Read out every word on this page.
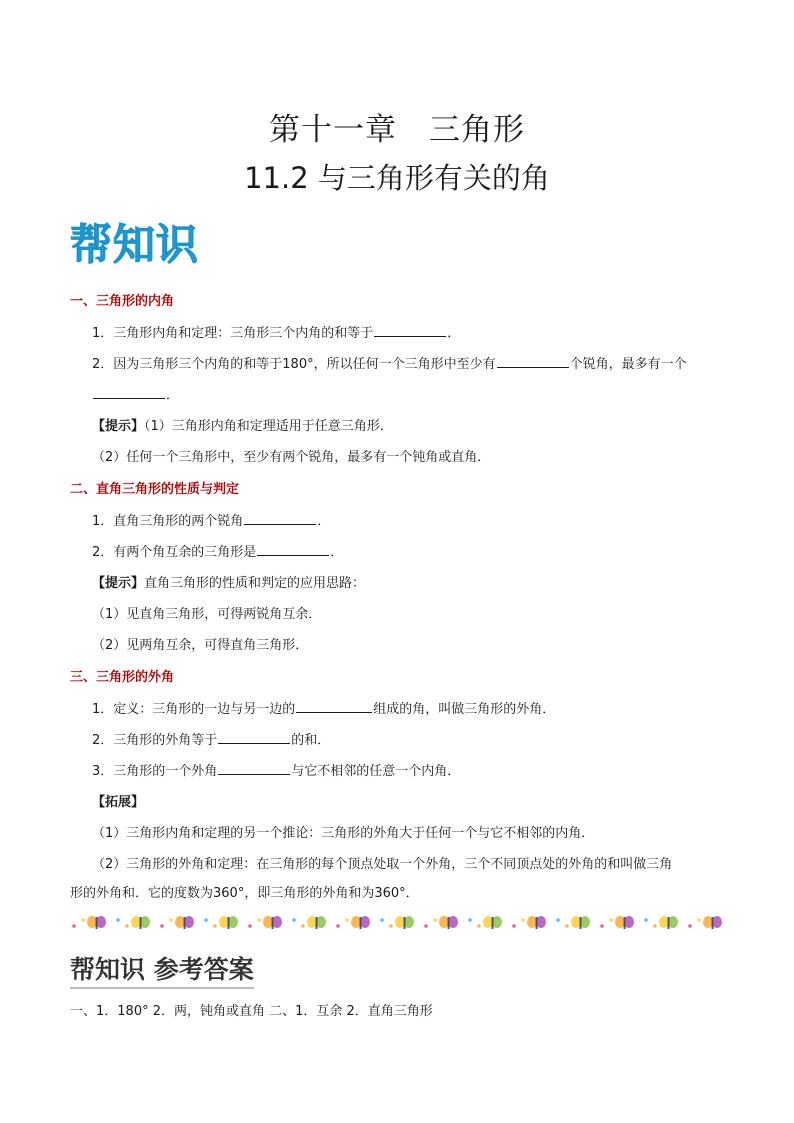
第十一章　三角形
11.2 与三角形有关的角
帮知识
一、三角形的内角
1．三角形内角和定理：三角形三个内角的和等于	．
2．因为三角形三个内角的和等于180°，所以任何一个三角形中至少有	个锐角，最多有一个
．
【提示】（1）三角形内角和定理适用于任意三角形．
（2）任何一个三角形中，至少有两个锐角，最多有一个钝角或直角．
二、直角三角形的性质与判定
1．直角三角形的两个锐角	．
2．有两个角互余的三角形是	．
【提示】直角三角形的性质和判定的应用思路：
（1）见直角三角形，可得两锐角互余．
（2）见两角互余，可得直角三角形．
三、三角形的外角
1．定义：三角形的一边与另一边的	组成的角，叫做三角形的外角．
2．三角形的外角等于	的和．
3．三角形的一个外角	与它不相邻的任意一个内角．
【拓展】
（1）三角形内角和定理的另一个推论：三角形的外角大于任何一个与它不相邻的内角．
（2）三角形的外角和定理：在三角形的每个顶点处取一个外角，三个不同顶点处的外角的和叫做三角
形的外角和．它的度数为360°，即三角形的外角和为360°．
帮知识 参考答案
一、1．180° 2．两，钝角或直角 二、1．互余 2．直角三角形
